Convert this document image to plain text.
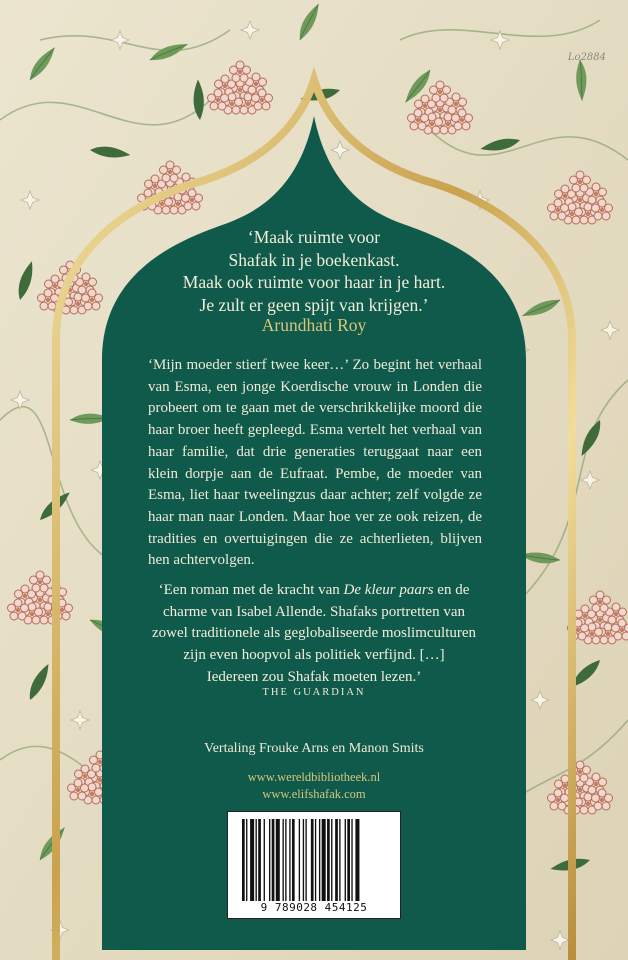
Lo2884
‘Maak ruimte voor
Shafak in je boekenkast.
Maak ook ruimte voor haar in je hart.
Je zult er geen spijt van krijgen.’
Arundhati Roy

‘Mijn moeder stierf twee keer…’ Zo begint het verhaal van Esma, een jonge Koerdische vrouw in Londen die probeert om te gaan met de verschrikkelijke moord die haar broer heeft gepleegd. Esma vertelt het verhaal van haar familie, dat drie generaties teruggaat naar een klein dorpje aan de Eufraat. Pembe, de moeder van Esma, liet haar tweelingzus daar achter; zelf volgde ze haar man naar Londen. Maar hoe ver ze ook reizen, de tradities en overtuigingen die ze achterlieten, blijven hen achtervolgen.

‘Een roman met de kracht van De kleur paars en de
charme van Isabel Allende. Shafaks portretten van
zowel traditionele als geglobaliseerde moslimculturen
zijn even hoopvol als politiek verfijnd. […]
Iedereen zou Shafak moeten lezen.’
THE GUARDIAN
Vertaling Frouke Arns en Manon Smits
www.wereldbibliotheek.nl
www.elifshafak.com
9 789028 454125
